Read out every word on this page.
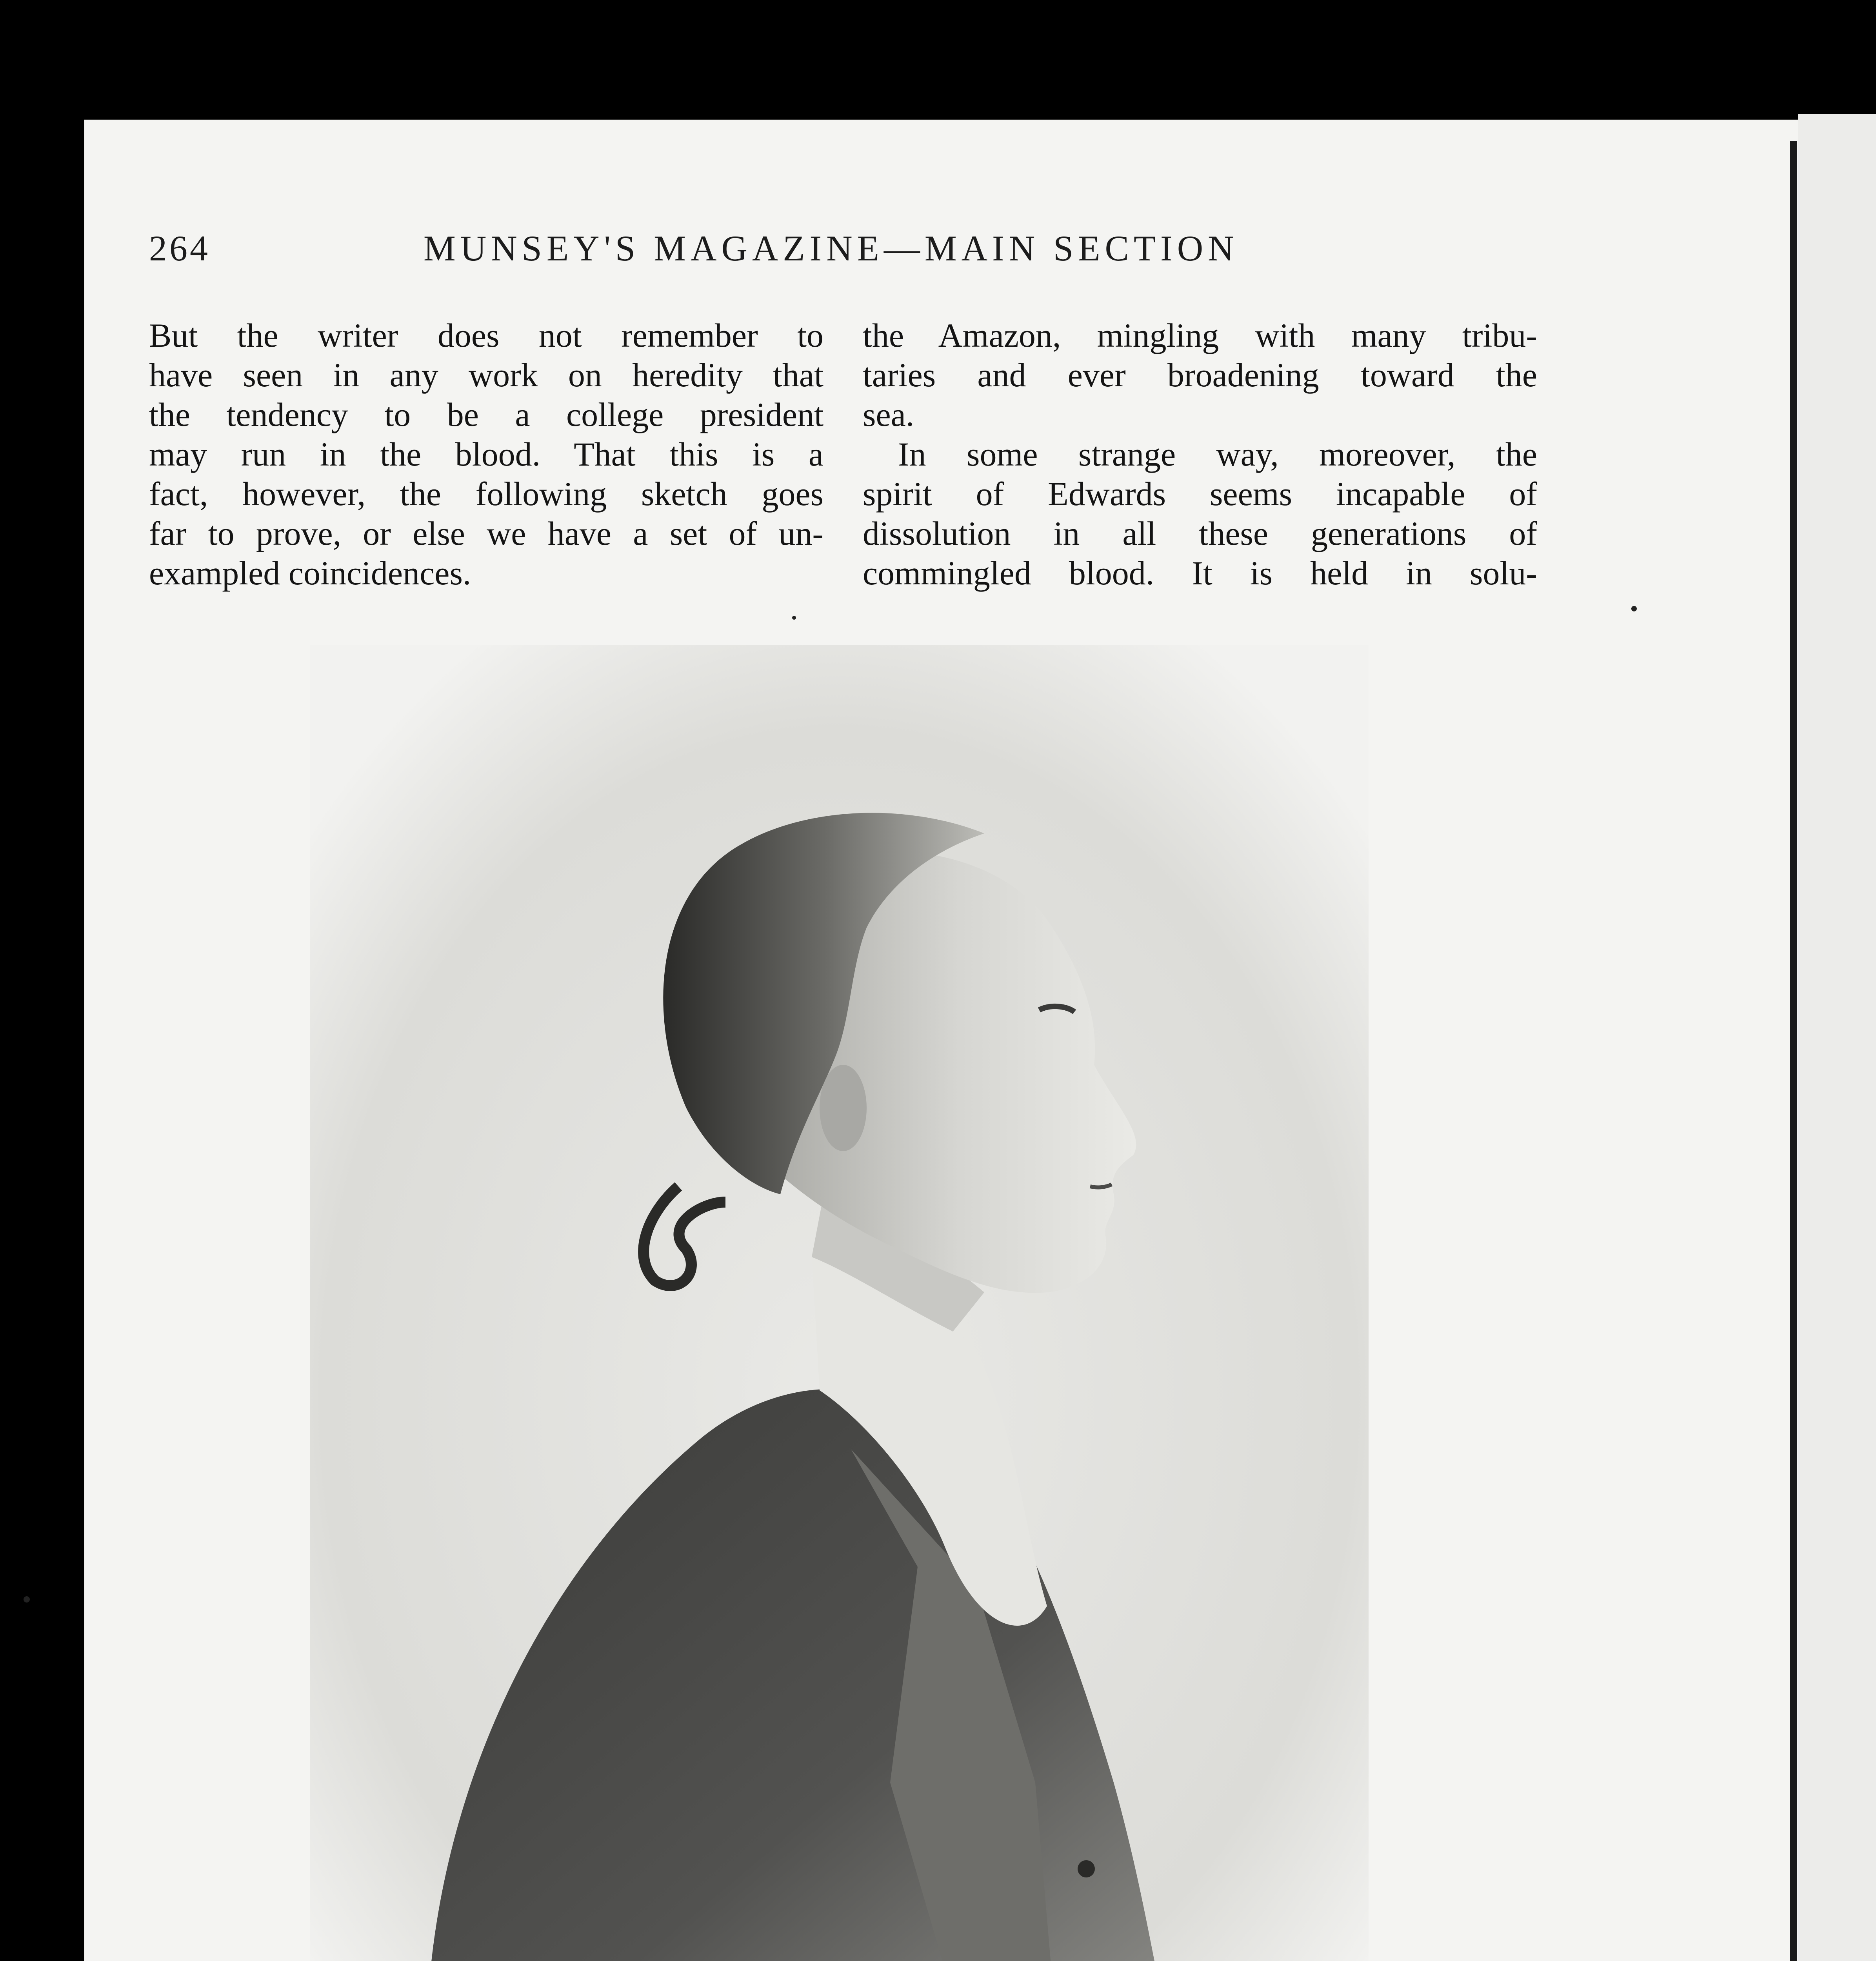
264	MUNSEY'S MAGAZINE—MAIN SECTION
But the writer does not remember to
have seen in any work on heredity that
the tendency to be a college president
may run in the blood. That this is a
fact, however, the following sketch goes
far to prove, or else we have a set of un-
exampled coincidences.
the Amazon, mingling with many tribu-
taries and ever broadening toward the
sea.
In some strange way, moreover, the
spirit of Edwards seems incapable of
dissolution in all these generations of
commingled blood. It is held in solu-
